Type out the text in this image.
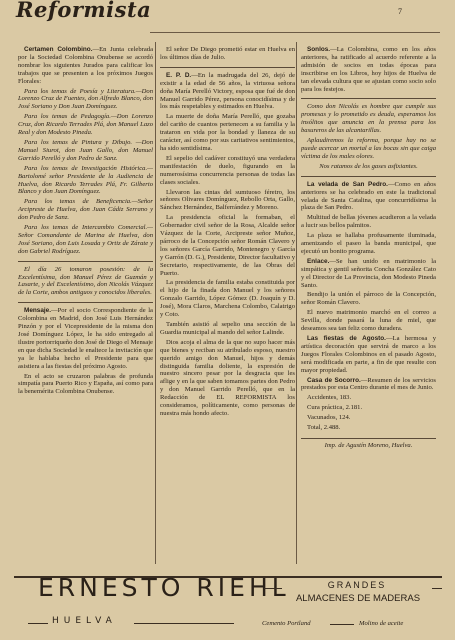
Reformista	7

Certamen Colombino.—En Junta celebrada por la Sociedad Colombina Onubense se acordó nombrar los siguientes Jurados para calificar los trabajos que se presenten a los próximos Juegos Florales:

Para los temas de Poesía y Literatura.—Don Lorenzo Cruz de Fuentes, don Alfredo Blanco, don José Soriano y Don Juan Domínguez.

Para los temas de Pedagogía.—Don Lorenzo Cruz, don Ricardo Terrades Plá, don Manuel Lazo Real y don Modesto Pineda.

Para los temas de Pintura y Dibujo. —Don Manuel Siurot, don Juan Gallo, don Manuel Garrido Perelló y don Pedro de Sanz.

Para los temas de Investigación Histórica.—Bartolomé señor Presidente de la Audiencia de Huelva, don Ricardo Terrades Plá, Fr. Gilberto Blanco y don Juan Domínguez.

Para los temas de Beneficencia.—Señor Arcipreste de Huelva, don Juan Cádiz Serrano y don Pedro de Sanz.

Para los temas de Intercambio Comercial.—Señor Comandante de Marina de Huelva, don José Soriano, don Luis Losada y Ortiz de Zárate y don Gabriel Rodríguez.

El día 26 tomaron posesión: de la Excelentísima, don Manuel Pérez de Guzmán y Lasarte, y del Excelentísimo, don Nicolás Vázquez de la Corte, ambos antiguos y conocidos liberales.

Mensaje.—Por el socio Correspondiente de la Colombina en Madrid, don José Luis Hernández Pinzón y por el Vicepresidente de la misma don José Domínguez López, le ha sido entregado al ilustre portorriqueño don José de Diego el Mensaje en que dicha Sociedad le enaltece la invitación que ya le hablaba hecho el Presidente para que asistiera a las fiestas del próximo Agosto.

En el acto se cruzaron palabras de profunda simpatía para Puerto Rico y España, así como para la benemérita Colombina Onubense.

El señor De Diego prometió estar en Huelva en los últimos días de Julio.

E. P. D.—En la madrugada del 26, dejó de existir a la edad de 56 años, la virtuosa señora doña María Perelló Victory, esposa que fué de don Manuel Garrido Pérez, persona conocidísima y de los más respetables y estimados en Huelva.

La muerte de doña María Perelló, que gozaba del cariño de cuantos pertenecen a su familia y la trataron en vida por la bondad y llaneza de su carácter, así como por sus caritativos sentimientos, ha sido sentidísima.

El sepelio del cadáver constituyó una verdadera manifestación de duelo, figurando en la numerosísima concurrencia personas de todas las clases sociales.

Llevaron las cintas del sumtuoso féretro, los señores Olivares Domínguez, Rebollo Orta, Gallo, Sánchez Hernández, Balferrández y Moreno.

La presidencia oficial la formaban, el Gobernador civil señor de la Rosa, Alcalde señor Vázquez de la Corte, Arcipreste señor Muñoz, párroco de la Concepción señor Román Clavero y los señores García Garrido, Montenegro y García y Garrón (D. G.), Presidente, Director facultativo y Secretario, respectivamente, de las Obras del Puerto.

La presidencia de familia estaba constituida por el hijo de la finada don Manuel y los señores Gonzalo Garrido, López Gómez (D. Joaquín y D. José), Mora Claros, Marchena Colombo, Calatrigo y Coto.

También asistió al sepelio una sección de la Guardia municipal al mando del señor Lalinde.

Dios acoja el alma de la que no supo hacer más que bienes y reciban su atribulado esposo, nuestro querido amigo don Manuel, hijos y demás distinguida familia doliente, la expresión de nuestro sincero pesar por la desgracia que les aflige y en la que saben tomamos partes don Pedro y don Manuel Garrido Perelló, que en la Redacción de EL REFORMISTA los consideramos, políticamente, como personas de nuestra más hondo afecto.

Sonlos.—La Colombina, como en los años anteriores, ha ratificado al acuerdo referente a la admisión de socios en todas épocas para inscribirse en los Libros, hoy hijos de Huelva de tan elevada cultura que se ajustan como socio solo para los festejos.

Como don Nicolás es hombre que cumple sus promesas y lo prometido es deuda, esperamos los insólitos que anuncia en la prensa para los basureros de las alcantarillas.

Aplaudiremos la reforma, porque hay no se puede acercar un mortal a las bocas sin que caiga víctima de los males olores.

Nos ratamos de los gases asfixiantes.

La velada de San Pedro.—Como en años anteriores se ha celebrado en este la tradicional velada de Santa Catalina, que concurridísima la plaza de San Pedro.

Multitud de bellas jóvenes acudieron a la velada a lucir sus bellos palmitos.

La plaza se hallaba profusamente iluminada, amenizando el paseo la banda municipal, que ejecutó un bonito programa.

Enlace.—Se han unido en matrimonio la simpática y gentil señorita Concha González Cato y el Director de La Provincia, don Modesto Pineda Santo.

Bendijo la unión el párroco de la Concepción, señor Román Clavero.

El nuevo matrimonio marchó en el correo a Sevilla, donde pasará la luna de miel, que deseamos sea tan feliz como duradera.

Las fiestas de Agosto.—La hermosa y artística decoración que servirá de marco a los Juegos Florales Colombinos en el pasado Agosto, será modificada en parte, a fin de que resulte con mayor propiedad.

Casa de Socorro.—Resumen de los servicios prestados por esta Centro durante el mes de Junio.

Accidentes, 183.

Cura práctica, 2.181.

Vacunados, 124.

Total, 2.488.

Imp. de Agustín Moreno, Huelva.

ERNESTO RIEHL
HUELVA
GRANDES
ALMACENES DE MADERAS
Cemento Portland	Molino de aceite
